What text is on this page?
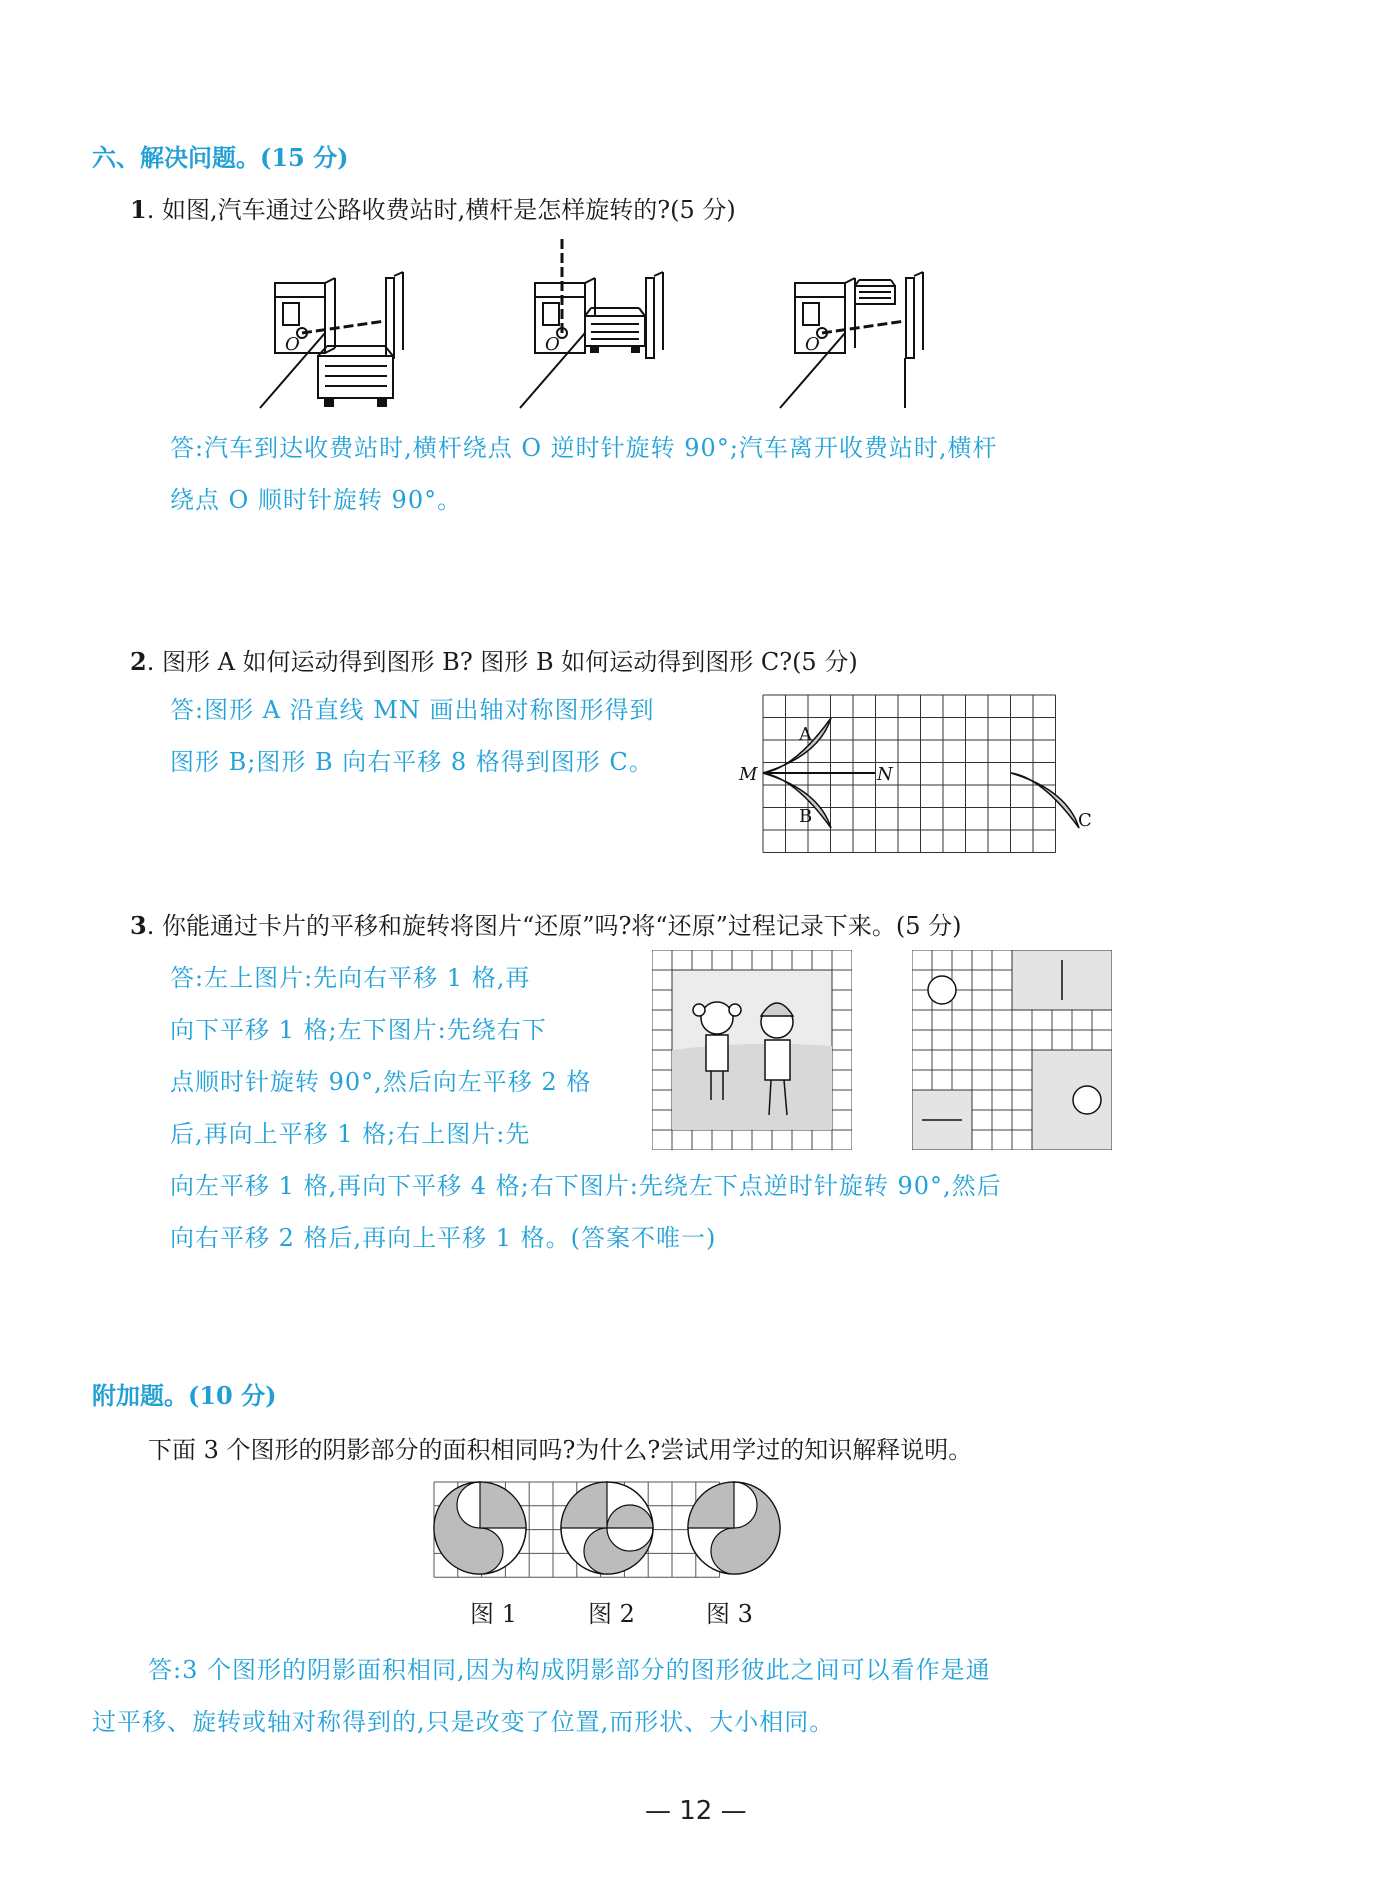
六、解决问题。(15 分)
1. 如图,汽车通过公路收费站时,横杆是怎样旋转的?(5 分)
O	O	O
答:汽车到达收费站时,横杆绕点 O 逆时针旋转 90°;汽车离开收费站时,横杆
绕点 O 顺时针旋转 90°。
2. 图形 A 如何运动得到图形 B? 图形 B 如何运动得到图形 C?(5 分)
答:图形 A 沿直线 MN 画出轴对称图形得到
图形 B;图形 B 向右平移 8 格得到图形 C。
A
B	C
M	N
3. 你能通过卡片的平移和旋转将图片“还原”吗?将“还原”过程记录下来。(5 分)
答:左上图片:先向右平移 1 格,再
向下平移 1 格;左下图片:先绕右下
点顺时针旋转 90°,然后向左平移 2 格
后,再向上平移 1 格;右上图片:先
向左平移 1 格,再向下平移 4 格;右下图片:先绕左下点逆时针旋转 90°,然后
向右平移 2 格后,再向上平移 1 格。(答案不唯一)
附加题。(10 分)
下面 3 个图形的阴影部分的面积相同吗?为什么?尝试用学过的知识解释说明。
图 1	图 2	图 3
答:3 个图形的阴影面积相同,因为构成阴影部分的图形彼此之间可以看作是通
过平移、旋转或轴对称得到的,只是改变了位置,而形状、大小相同。
— 12 —
